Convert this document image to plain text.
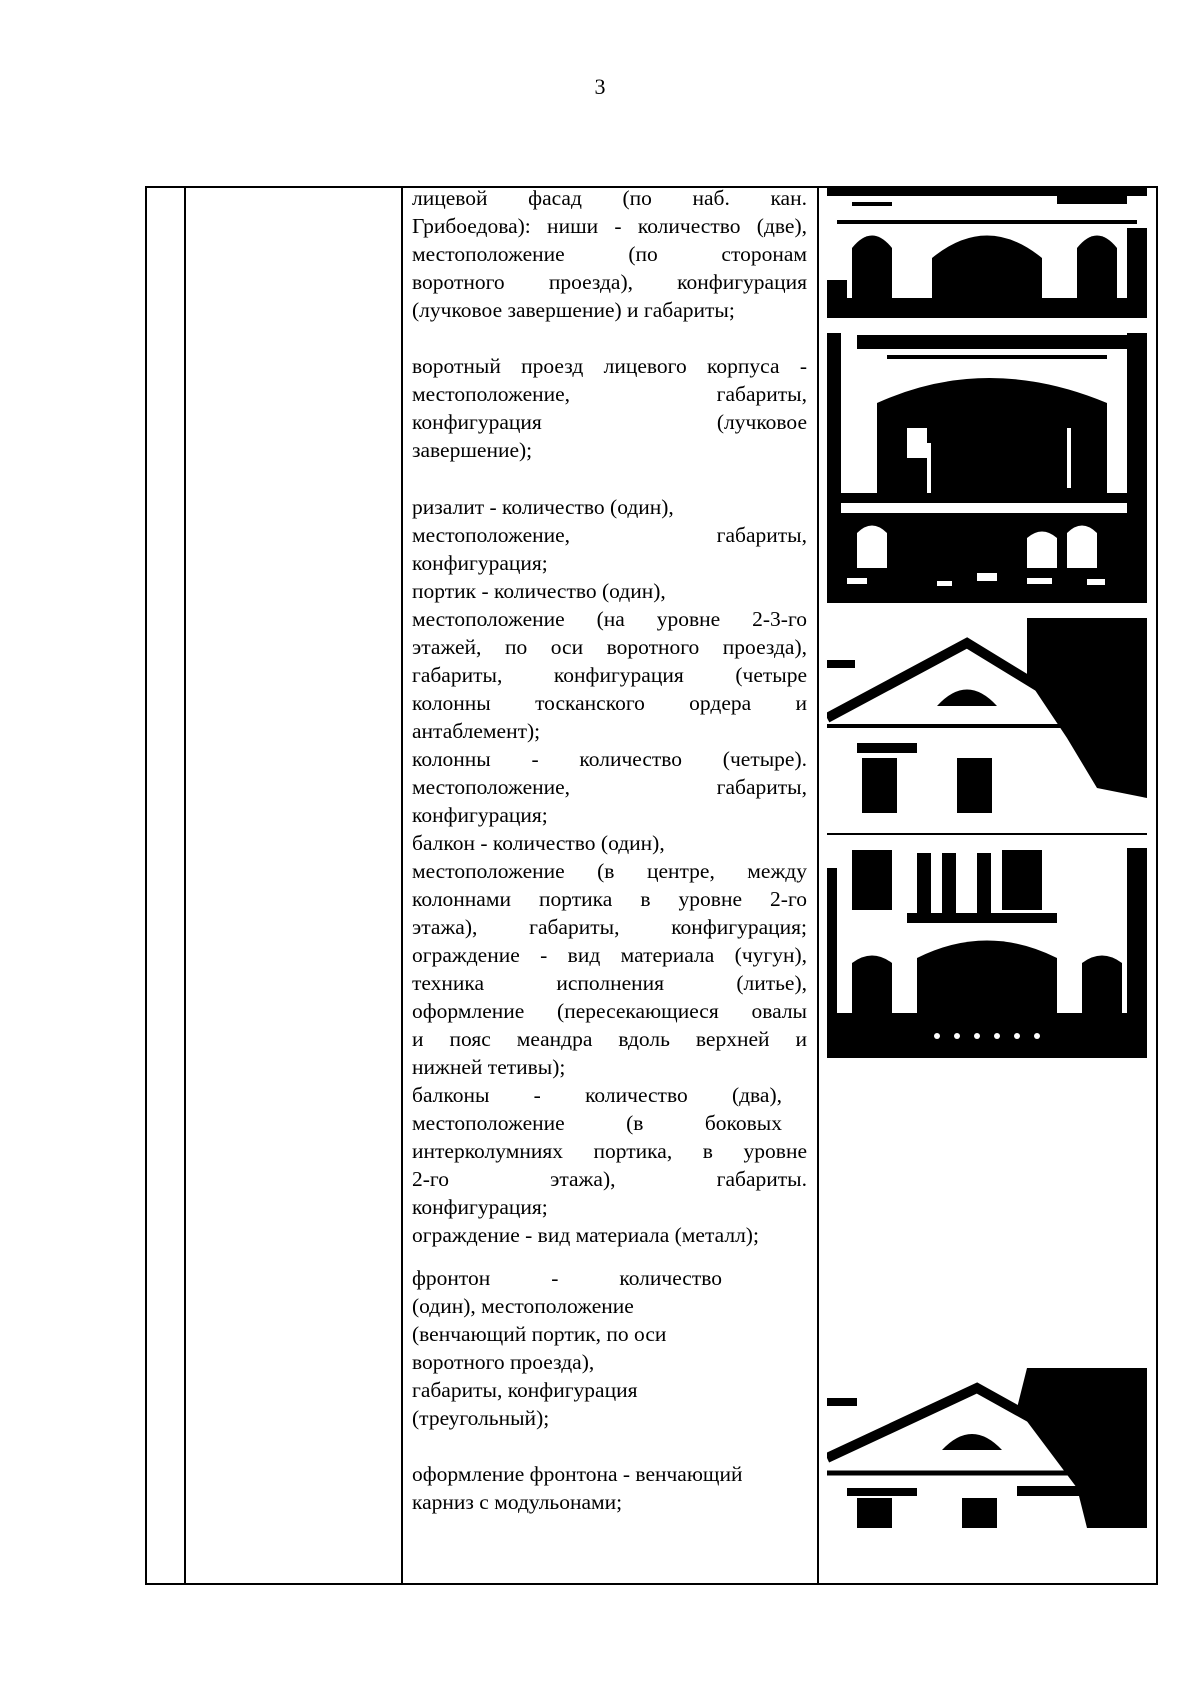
3
лицевой фасад (по наб. кан.
Грибоедова): ниши - количество (две),
местоположение (по сторонам
воротного проезда), конфигурация
(лучковое завершение) и габариты;
воротный проезд лицевого корпуса -
местоположение, габариты,
конфигурация (лучковое
завершение);
ризалит - количество (один),
местоположение, габариты,
конфигурация;
портик - количество (один),
местоположение (на уровне 2-3-го
этажей, по оси воротного проезда),
габариты, конфигурация (четыре
колонны тосканского ордера и
антаблемент);
колонны - количество (четыре).
местоположение, габариты,
конфигурация;
балкон - количество (один),
местоположение (в центре, между
колоннами портика в уровне 2-го
этажа), габариты, конфигурация;
ограждение - вид материала (чугун),
техника исполнения (литье),
оформление (пересекающиеся овалы
и пояс меандра вдоль верхней и
нижней тетивы);
балконы - количество (два),
местоположение (в боковых
интерколумниях портика, в уровне
2-го этажа), габариты.
конфигурация;
ограждение - вид материала (металл);
фронтон - количество
(один), местоположение
(венчающий портик, по оси
воротного проезда),
габариты, конфигурация
(треугольный);
оформление фронтона - венчающий
карниз с модульонами;
